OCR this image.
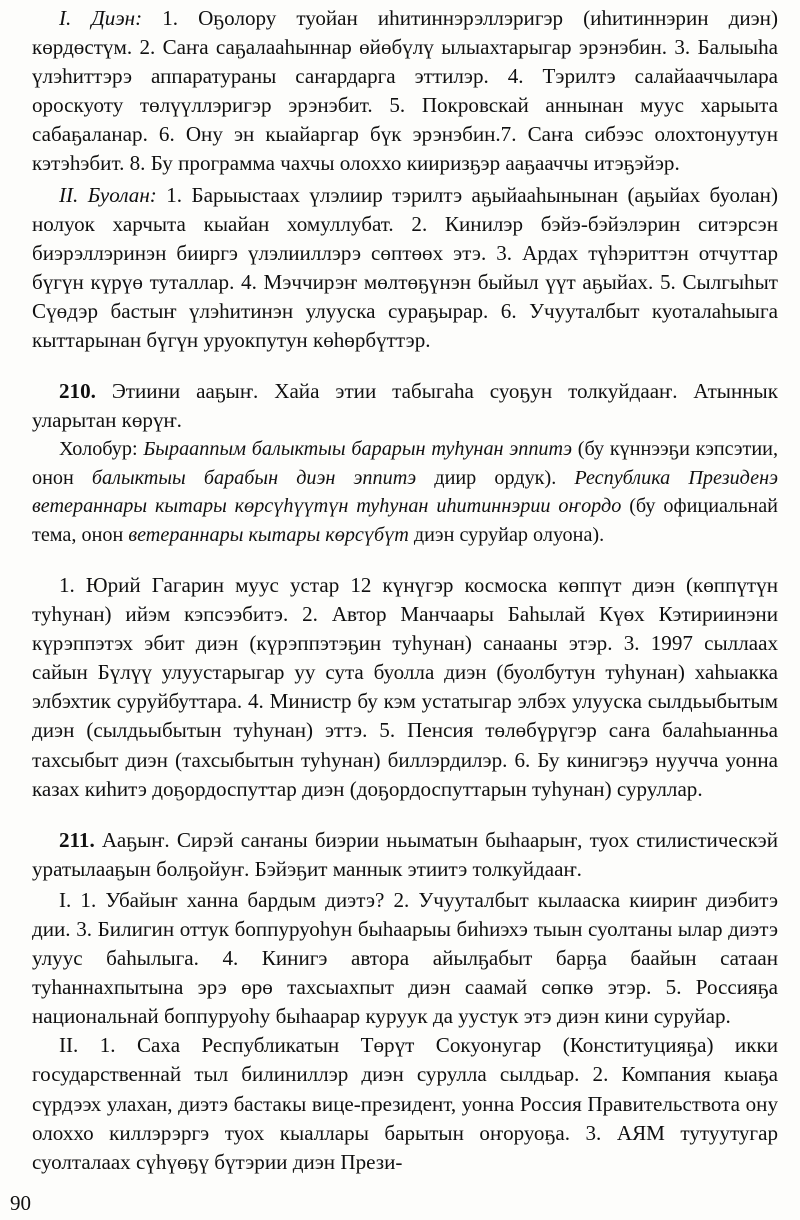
I. Диэн: 1. Оҕолору туойан иһитиннэрэллэригэр (иһитиннэрин диэн) көрдөстүм. 2. Саҥа саҕалааһыннар өйөбүлү ылыахтарыгар эрэнэбин. 3. Балыыһа үлэһиттэрэ аппаратураны саҥардарга эттилэр. 4. Тэрилтэ салайааччылара ороскуоту төлүүллэригэр эрэнэбит. 5. Покровскай аннынан муус харыыта сабаҕаланар. 6. Ону эн кыайаргар бүк эрэнэбин.7. Саҥа сибээс олохтонуутун кэтэһэбит. 8. Бу программа чахчы олоххо кииризҕэр ааҕааччы итэҕэйэр.

II. Буолан: 1. Барыыстаах үлэлиир тэрилтэ аҕыйааһынынан (аҕыйах буолан) нолуок харчыта кыайан хомуллубат. 2. Кинилэр бэйэ-бэйэлэрин ситэрсэн биэрэллэринэн бииргэ үлэлииллэрэ сөптөөх этэ. 3. Ардах түһэриттэн отчуттар бүгүн күрүө туталлар. 4. Мэччирэҥ мөлтөҕүнэн быйыл үүт аҕыйах. 5. Сылгыһыт Сүөдэр бастыҥ үлэһитинэн улууска сураҕырар. 6. Учууталбыт куоталаһыыга кыттарынан бүгүн уруокпутун көһөрбүттэр.

210. Этиини ааҕыҥ. Хайа этии табыгаһа суоҕун толкуйдааҥ. Атыннык уларытан көрүҥ.

Холобур: Бырааппым балыктыы барарын туһунан эппитэ (бу күннээҕи кэпсэтии, онон балыктыы барабын диэн эппитэ диир ордук). Республика Президенэ ветераннары кытары көрсүһүүтүн туһунан иһитиннэрии оҥордо (бу официальнай тема, онон ветераннары кытары көрсүбүт диэн суруйар олуона).

1. Юрий Гагарин муус устар 12 күнүгэр космоска көппүт диэн (көппүтүн туһунан) ийэм кэпсээбитэ. 2. Автор Манчаары Баһылай Күөх Кэтириинэни күрэппэтэх эбит диэн (күрэппэтэҕин туһунан) санааны этэр. 3. 1997 сыллаах сайын Бүлүү улуустарыгар уу сута буолла диэн (буолбутун туһунан) хаһыакка элбэхтик суруйбуттара. 4. Министр бу кэм устатыгар элбэх улууска сылдьыбытым диэн (сылдьыбытын туһунан) эттэ. 5. Пенсия төлөбүрүгэр саҥа балаһыанньа тахсыбыт диэн (тахсыбытын туһунан) биллэрдилэр. 6. Бу кинигэҕэ нуучча уонна казах киһитэ доҕордоспуттар диэн (доҕордоспуттарын туһунан) суруллар.

211. Ааҕыҥ. Сирэй саҥаны биэрии ньыматын быһаарыҥ, туох стилистическэй уратылааҕын болҕойуҥ. Бэйэҕит маннык этиитэ толкуйдааҥ.

I. 1. Убайыҥ ханна бардым диэтэ? 2. Учууталбыт кылааска киириҥ диэбитэ дии. 3. Билигин оттук боппуруоһун быһаарыы биһиэхэ тыын суолтаны ылар диэтэ улуус баһылыга. 4. Кинигэ автора айылҕабыт барҕа баайын сатаан туһаннахпытына эрэ өрө тахсыахпыт диэн саамай сөпкө этэр. 5. Россияҕа национальнай боппуруоһу быһаарар куруук да уустук этэ диэн кини суруйар.

II. 1. Саха Республикатын Төрүт Сокуонугар (Конституцияҕа) икки государственнай тыл билиниллэр диэн сурулла сылдьар. 2. Компания кыаҕа сүрдээх улахан, диэтэ бастакы вице-президент, уонна Россия Правительствота ону олоххо киллэрэргэ туох кыаллары барытын оҥоруоҕа. 3. АЯМ тутуутугар суолталаах сүһүөҕү бүтэрии диэн Прези-

90
